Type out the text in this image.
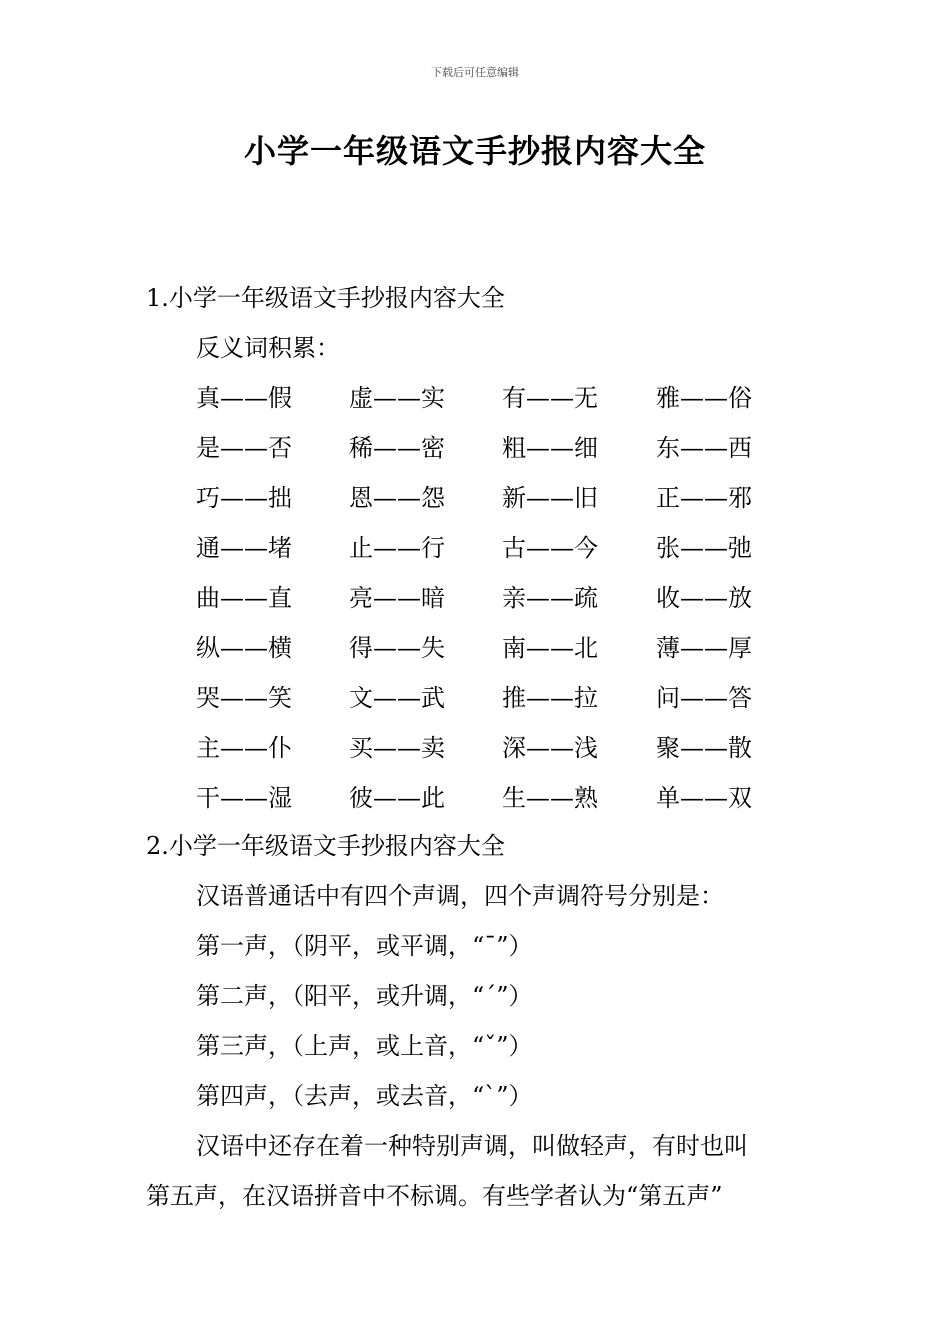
下载后可任意编辑
小学一年级语文手抄报内容大全
1.小学一年级语文手抄报内容大全
反义词积累：
真——假 虚——实 有——无 雅——俗
是——否 稀——密 粗——细 东——西
巧——拙 恩——怨 新——旧 正——邪
通——堵 止——行 古——今 张——弛
曲——直 亮——暗 亲——疏 收——放
纵——横 得——失 南——北 薄——厚
哭——笑 文——武 推——拉 问——答
主——仆 买——卖 深——浅 聚——散
干——湿 彼——此 生——熟 单——双
2.小学一年级语文手抄报内容大全
汉语普通话中有四个声调，四个声调符号分别是：
第一声，（阴平，或平调，“ˉ”）
第二声，（阳平，或升调，“ˊ”）
第三声，（上声，或上音，“ˇ”）
第四声，（去声，或去音，“ˋ”）
汉语中还存在着一种特别声调，叫做轻声，有时也叫
第五声，在汉语拼音中不标调。有些学者认为“第五声”
